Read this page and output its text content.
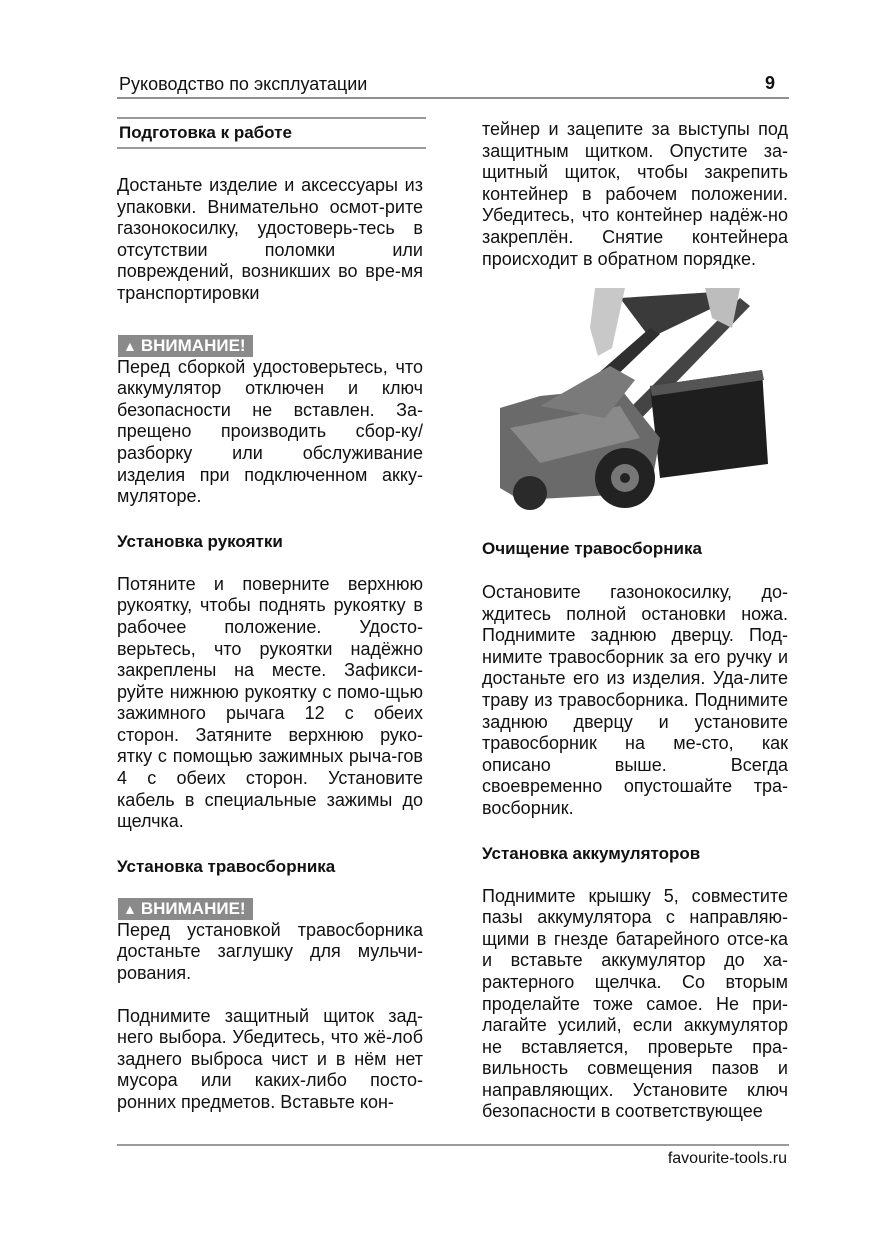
Руководство по эксплуатации	9
Подготовка к работе

Достаньте изделие и аксессуары из упаковки. Внимательно осмот-рите газонокосилку, удостоверь-тесь в отсутствии поломки или повреждений, возникших во вре-мя транспортировки

▲ ВНИМАНИЕ!

Перед сборкой удостоверьтесь, что аккумулятор отключен и ключ безопасности не вставлен. За-прещено производить сбор-ку/разборку или обслуживание изделия при подключенном акку-муляторе.

Установка рукоятки

Потяните и поверните верхнюю рукоятку, чтобы поднять рукоятку в рабочее положение. Удосто-верьтесь, что рукоятки надёжно закреплены на месте. Зафикси-руйте нижнюю рукоятку с помо-щью зажимного рычага 12 с обеих сторон. Затяните верхнюю руко-ятку с помощью зажимных рыча-гов 4 с обеих сторон. Установите кабель в специальные зажимы до щелчка.

Установка травосборника
▲ ВНИМАНИЕ!

Перед установкой травосборника достаньте заглушку для мульчи-рования.

Поднимите защитный щиток зад-него выбора. Убедитесь, что жё-лоб заднего выброса чист и в нём нет мусора или каких-либо посто-ронних предметов. Вставьте кон-

тейнер и зацепите за выступы под защитным щитком. Опустите за-щитный щиток, чтобы закрепить контейнер в рабочем положении. Убедитесь, что контейнер надёж-но закреплён. Снятие контейнера происходит в обратном порядке.

Очищение травосборника

Остановите газонокосилку, до-ждитесь полной остановки ножа. Поднимите заднюю дверцу. Под-нимите травосборник за его ручку и достаньте его из изделия. Уда-лите траву из травосборника. Поднимите заднюю дверцу и установите травосборник на ме-сто, как описано выше. Всегда своевременно опустошайте тра-восборник.

Установка аккумуляторов

Поднимите крышку 5, совместите пазы аккумулятора с направляю-щими в гнезде батарейного отсе-ка и вставьте аккумулятор до ха-рактерного щелчка. Со вторым проделайте тоже самое. Не при-лагайте усилий, если аккумулятор не вставляется, проверьте пра-вильность совмещения пазов и направляющих. Установите ключ безопасности в соответствующее

favourite-tools.ru
